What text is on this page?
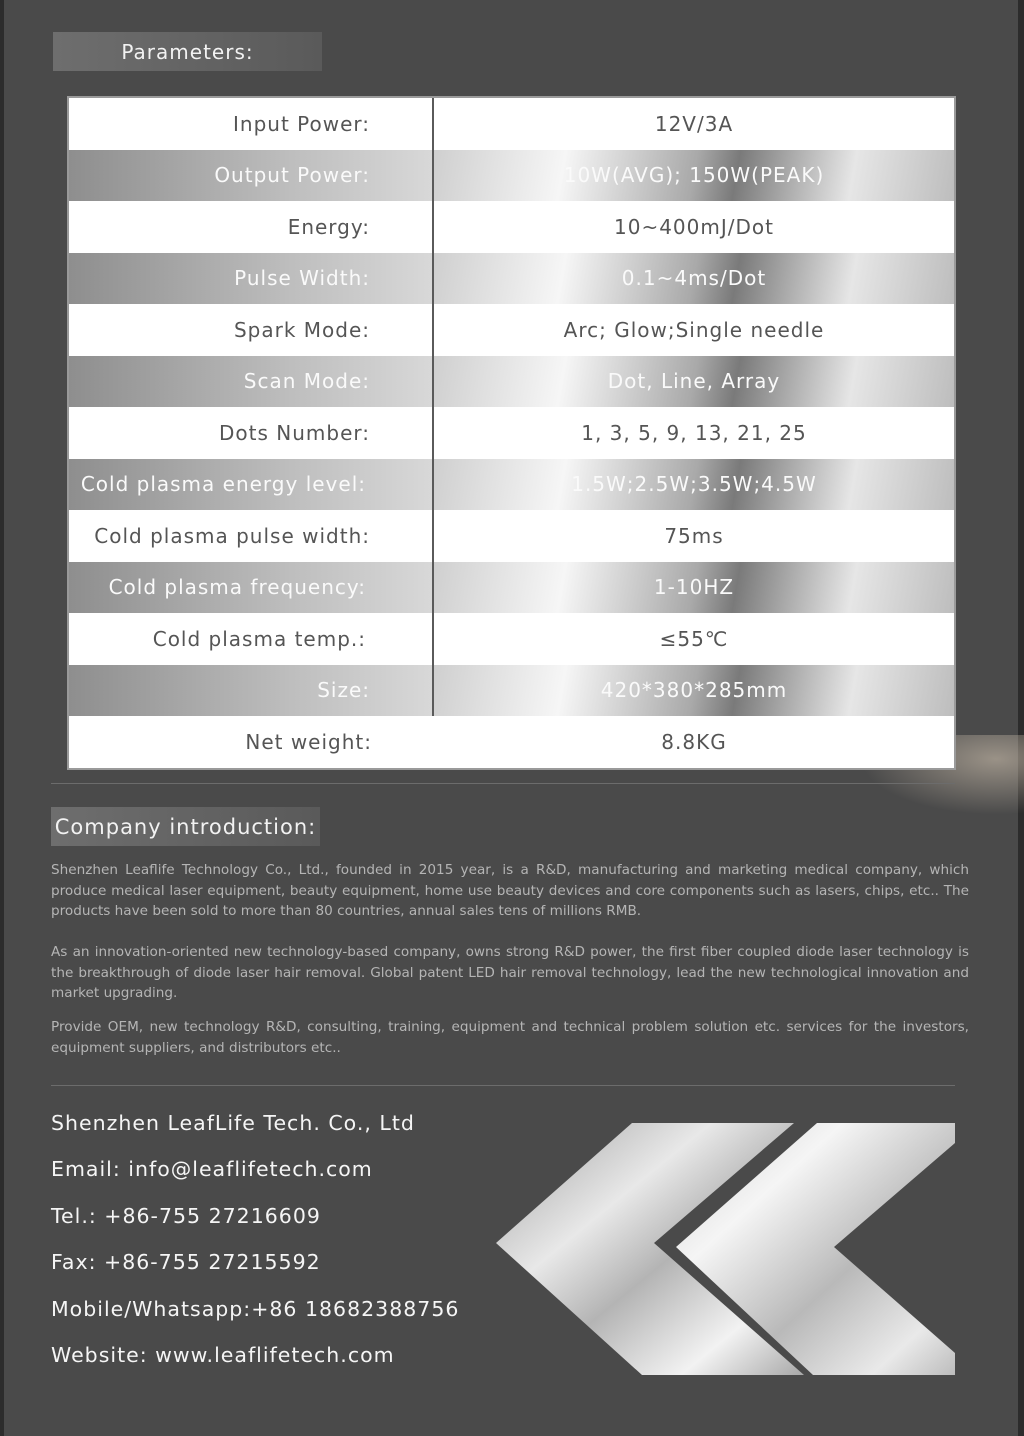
Parameters:
Input Power:	12V/3A
Output Power:	10W(AVG); 150W(PEAK)
Energy:	10~400mJ/Dot
Pulse Width:	0.1~4ms/Dot
Spark Mode:	Arc; Glow;Single needle
Scan Mode:	Dot, Line, Array
Dots Number:	1, 3, 5, 9, 13, 21, 25
Cold plasma energy level:	1.5W;2.5W;3.5W;4.5W
Cold plasma pulse width:	75ms
Cold plasma frequency:	1-10HZ
Cold plasma temp.:	≤55℃
Size:	420*380*285mm
Net weight:	8.8KG
Company introduction:

Shenzhen Leaflife Technology Co., Ltd., founded in 2015 year, is a R&D, manufacturing and marketing medical company, which produce medical laser equipment, beauty equipment, home use beauty devices and core components such as lasers, chips, etc.. The products have been sold to more than 80 countries, annual sales tens of millions RMB.

As an innovation-oriented new technology-based company, owns strong R&D power, the first fiber coupled diode laser technology is the breakthrough of diode laser hair removal. Global patent LED hair removal technology, lead the new technological innovation and market upgrading.

Provide OEM, new technology R&D, consulting, training, equipment and technical problem solution etc. services for the investors, equipment suppliers, and distributors etc..

Shenzhen LeafLife Tech. Co., Ltd
Email: info@leaflifetech.com
Tel.: +86-755 27216609
Fax: +86-755 27215592
Mobile/Whatsapp:+86 18682388756
Website: www.leaflifetech.com
